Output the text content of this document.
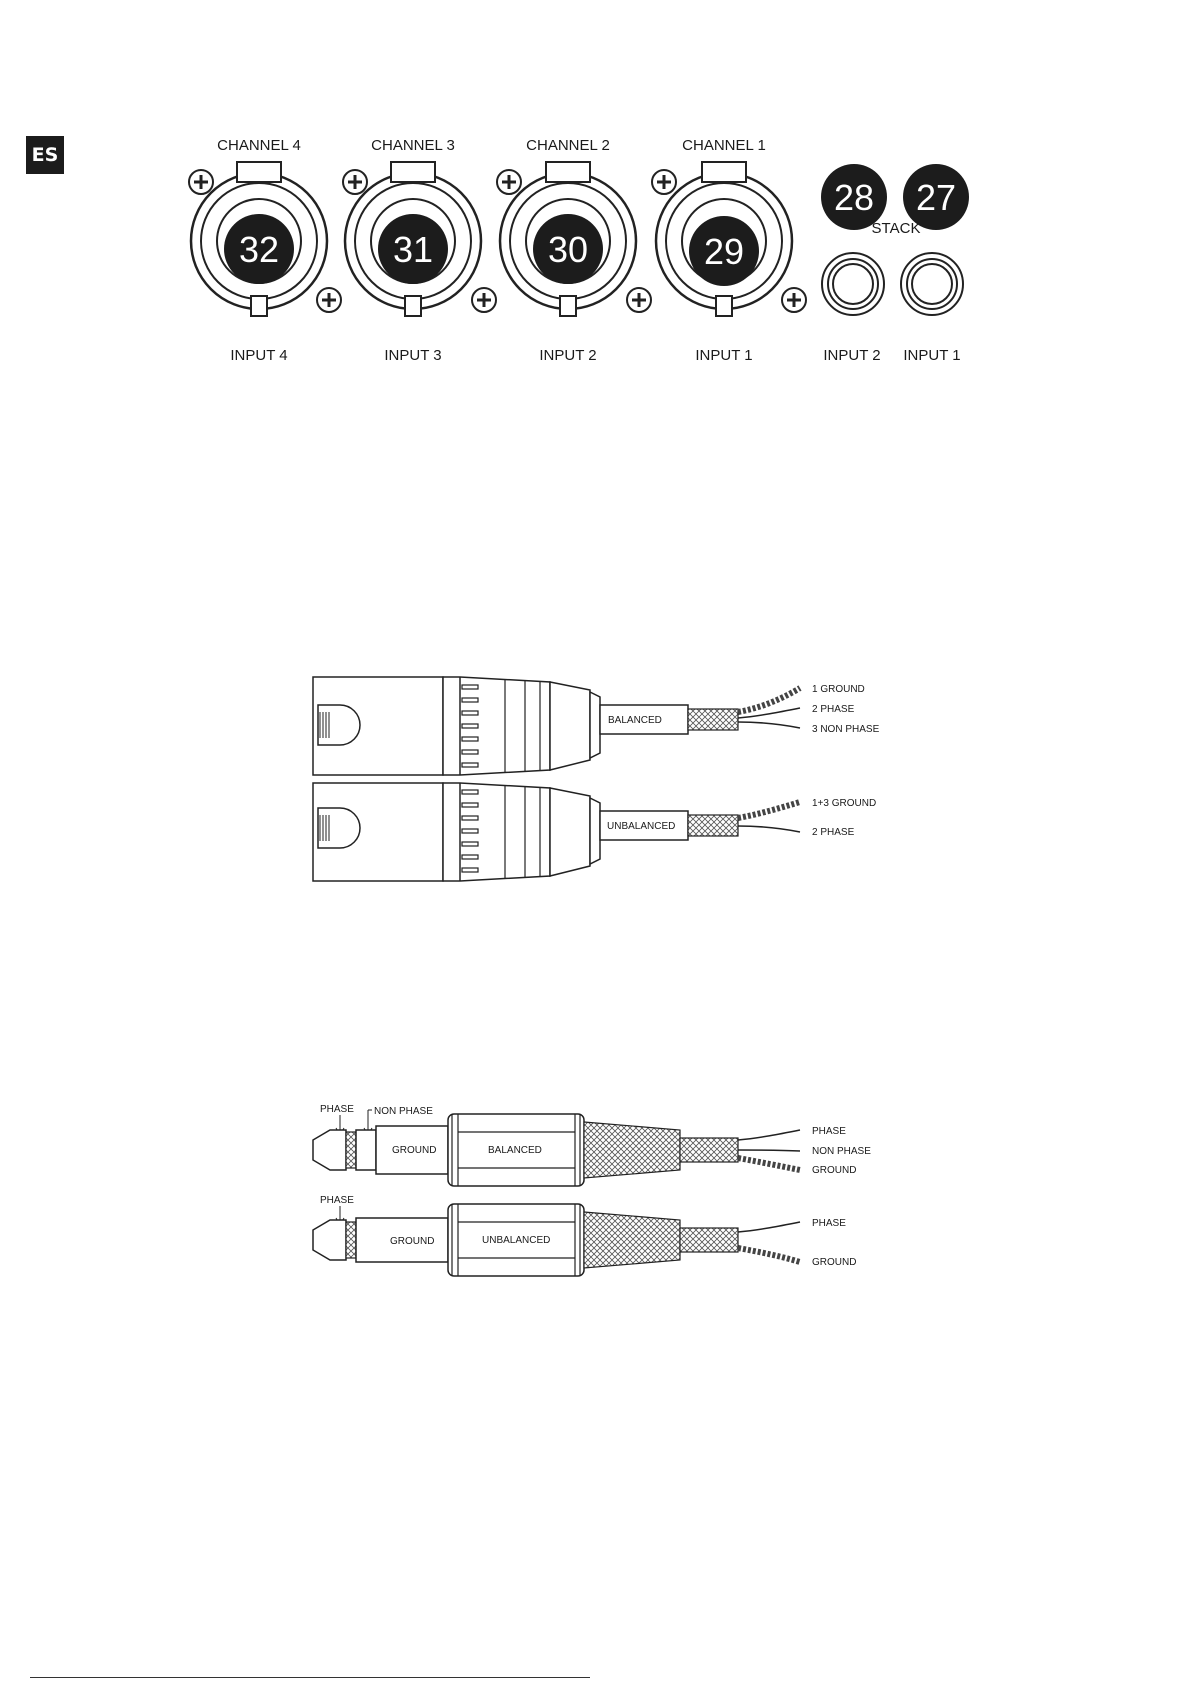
ES	CHANNEL 4
32
INPUT 4
CHANNEL 3
31
INPUT 3
CHANNEL 2
30
INPUT 2
CHANNEL 1
29
INPUT 1
28 27
STACK
INPUT 2 INPUT 1
BALANCED
1 GROUND
2 PHASE
3 NON PHASE
UNBALANCED
1+3 GROUND
2 PHASE
PHASE NON PHASE
GROUND	BALANCED
PHASE
NON PHASE
GROUND
PHASE
GROUND	UNBALANCED
PHASE
GROUND
